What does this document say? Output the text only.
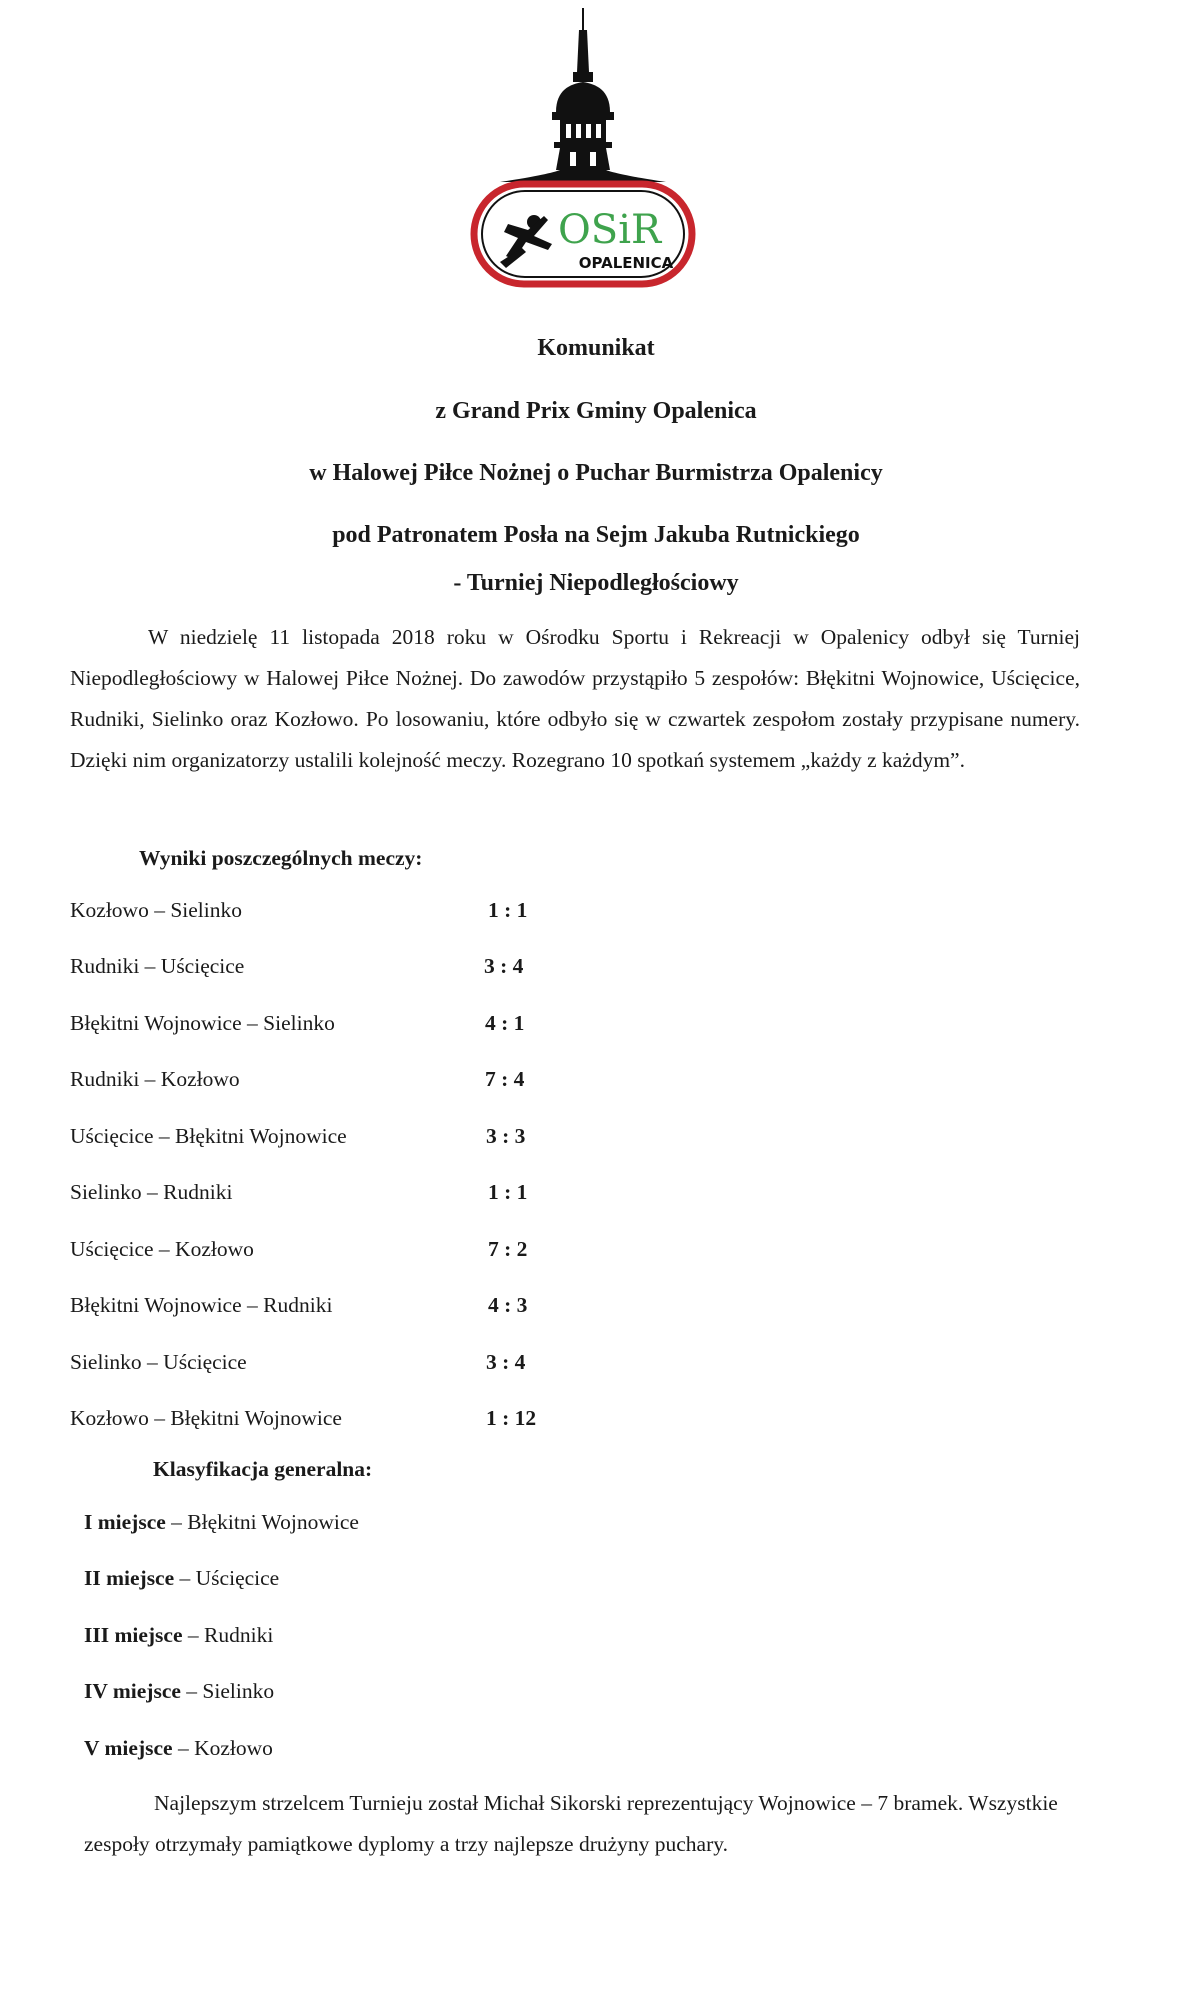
OSiR
OPALENICA
Komunikat
z Grand Prix Gminy Opalenica
w Halowej Piłce Nożnej o Puchar Burmistrza Opalenicy
pod Patronatem Posła na Sejm Jakuba Rutnickiego
- Turniej Niepodległościowy
W niedzielę 11 listopada 2018 roku w Ośrodku Sportu i Rekreacji w Opalenicy odbył się Turniej Niepodległościowy w Halowej Piłce Nożnej. Do zawodów przystąpiło 5 zespołów: Błękitni Wojnowice, Uścięcice, Rudniki, Sielinko oraz Kozłowo. Po losowaniu, które odbyło się w czwartek zespołom zostały przypisane numery. Dzięki nim organizatorzy ustalili kolejność meczy. Rozegrano 10 spotkań systemem „każdy z każdym”.
Wyniki poszczególnych meczy:
Kozłowo – Sielinko	1 : 1
Rudniki – Uścięcice	3 : 4
Błękitni Wojnowice – Sielinko	4 : 1
Rudniki – Kozłowo	7 : 4
Uścięcice – Błękitni Wojnowice	3 : 3
Sielinko – Rudniki	1 : 1
Uścięcice – Kozłowo	7 : 2
Błękitni Wojnowice – Rudniki	4 : 3
Sielinko – Uścięcice	3 : 4
Kozłowo – Błękitni Wojnowice	1 : 12
Klasyfikacja generalna:
I miejsce – Błękitni Wojnowice
II miejsce – Uścięcice
III miejsce – Rudniki
IV miejsce – Sielinko
V miejsce – Kozłowo
Najlepszym strzelcem Turnieju został Michał Sikorski reprezentujący Wojnowice – 7 bramek. Wszystkie zespoły otrzymały pamiątkowe dyplomy a trzy najlepsze drużyny puchary.
